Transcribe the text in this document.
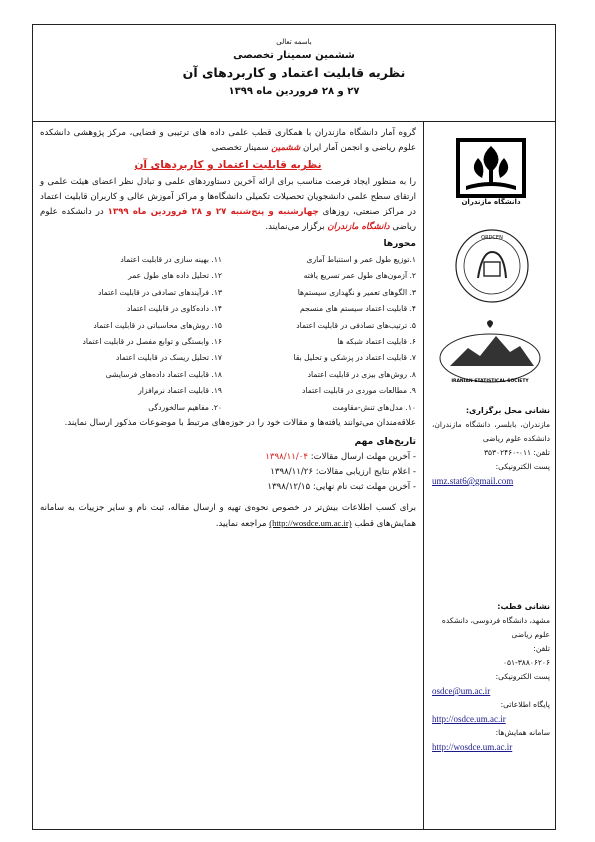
باسمه تعالی
ششمین سمینار تخصصی
نظریه قابلیت اعتماد و کاربردهای آن
۲۷ و ۲۸ فروردین ماه ۱۳۹۹
دانشگاه مازندران
ORDCEN
IRANIAN STATISTICAL SOCIETY
نشانی محل برگزاری:
مازندران، بابلسر، دانشگاه مازندران، دانشکده علوم ریاضی
تلفن: ۰۱۱-۳۵۳۰۲۴۶۰
پست الکترونیکی:
umz.stat6@gmail.com
نشانی قطب:
مشهد، دانشگاه فردوسی، دانشکده علوم ریاضی
تلفن:
۰۵۱-۳۸۸۰۶۲۰۶
پست الکترونیکی:
osdce@um.ac.ir
پایگاه اطلاعاتی:
http://osdce.um.ac.ir
سامانه همایش‌ها:
http://wosdce.um.ac.ir
گروه آمار دانشگاه مازندران با همکاری قطب علمی داده های ترتیبی و فضایی، مرکز پژوهشی دانشکده علوم ریاضی و انجمن آمار ایران ششمین سمینار تخصصی
نظریه قابلیت اعتماد و کاربردهای آن
را به منظور ایجاد فرصت مناسب برای ارائه آخرین دستاوردهای علمی و تبادل نظر اعضای هیئت علمی و ارتقای سطح علمی دانشجویان تحصیلات تکمیلی دانشگاه‌ها و مراکز آموزش عالی و کاربران قابلیت اعتماد در مراکز صنعتی، روزهای چهارشنبه و پنج‌شنبه ۲۷ و ۲۸ فروردین ماه ۱۳۹۹ در دانشکده علوم ریاضی دانشگاه مازندران برگزار می‌نمایند.
محورها
۱.توزیع طول عمر و استنباط آماری
۱۱. بهینه سازی در قابلیت اعتماد
۲. آزمون‌های طول عمر تسریع یافته
۱۲. تحلیل داده های طول عمر
۳. الگوهای تعمیر و نگهداری سیستم‌ها
۱۳. فرآیندهای تصادفی در قابلیت اعتماد
۴. قابلیت اعتماد سیستم های منسجم
۱۴. داده‌کاوی در قابلیت اعتماد
۵. ترتیب‌های تصادفی در قابلیت اعتماد
۱۵. روش‌های محاسباتی در قابلیت اعتماد
۶. قابلیت اعتماد شبکه ها
۱۶. وابستگی و توابع مفصل در قابلیت اعتماد
۷. قابلیت اعتماد در پزشکی و تحلیل بقا
۱۷. تحلیل ریسک در قابلیت اعتماد
۸. روش‌های بیزی در قابلیت اعتماد
۱۸. قابلیت اعتماد داده‌های فرسایشی
۹. مطالعات موردی در قابلیت اعتماد
۱۹. قابلیت اعتماد نرم‌افزار
۱۰. مدل‌های تنش-مقاومت
۲۰. مفاهیم سالخوردگی
علاقه‌مندان می‌توانند یافته‌ها و مقالات خود را در حوزه‌های مرتبط با موضوعات مذکور ارسال نمایند.
تاریخ‌های مهم
- آخرین مهلت ارسال مقالات: ۱۳۹۸/۱۱/۰۴
- اعلام نتایج ارزیابی مقالات: ۱۳۹۸/۱۱/۲۶
- آخرین مهلت ثبت نام نهایی: ۱۳۹۸/۱۲/۱۵
برای کسب اطلاعات بیش‌تر در خصوص نحوه‌ی تهیه و ارسال مقاله، ثبت نام و سایر جزییات به سامانه همایش‌های قطب (http://wosdce.um.ac.ir) مراجعه نمایید.
